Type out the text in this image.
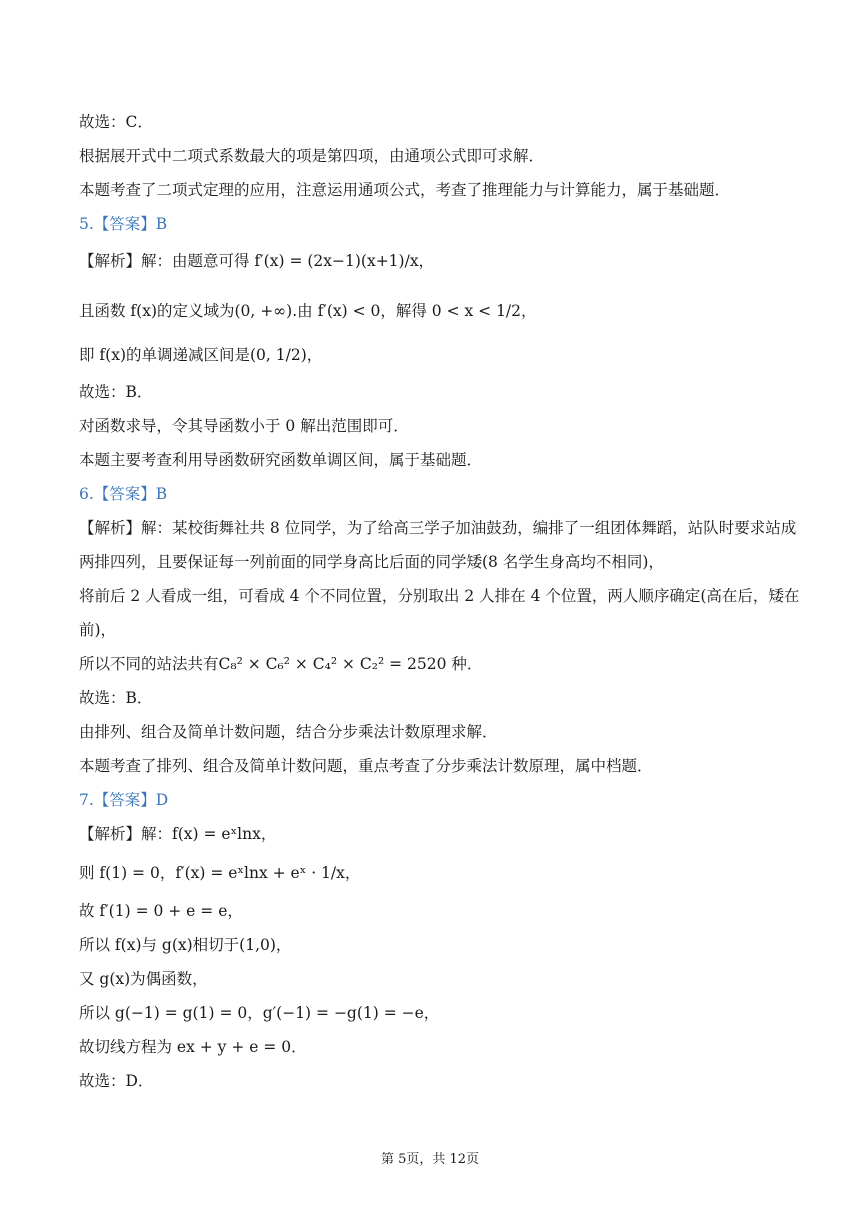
故选：C．
根据展开式中二项式系数最大的项是第四项，由通项公式即可求解．
本题考查了二项式定理的应用，注意运用通项公式，考查了推理能力与计算能力，属于基础题．
5.【答案】B
【解析】解：由题意可得 f′(x) = (2x−1)(x+1)/x，
且函数 f(x)的定义域为(0, +∞).由 f′(x) < 0，解得 0 < x < 1/2，
即 f(x)的单调递减区间是(0, 1/2)，
故选：B．
对函数求导，令其导函数小于 0 解出范围即可．
本题主要考查利用导函数研究函数单调区间，属于基础题．
6.【答案】B
【解析】解：某校街舞社共 8 位同学，为了给高三学子加油鼓劲，编排了一组团体舞蹈，站队时要求站成
两排四列，且要保证每一列前面的同学身高比后面的同学矮(8 名学生身高均不相同)，
将前后 2 人看成一组，可看成 4 个不同位置，分别取出 2 人排在 4 个位置，两人顺序确定(高在后，矮在
前)，
所以不同的站法共有C₈² × C₆² × C₄² × C₂² = 2520 种．
故选：B．
由排列、组合及简单计数问题，结合分步乘法计数原理求解．
本题考查了排列、组合及简单计数问题，重点考查了分步乘法计数原理，属中档题．
7.【答案】D
【解析】解：f(x) = eˣlnx，
则 f(1) = 0，f′(x) = eˣlnx + eˣ · 1/x，
故 f′(1) = 0 + e = e，
所以 f(x)与 g(x)相切于(1,0)，
又 g(x)为偶函数，
所以 g(−1) = g(1) = 0，g′(−1) = −g(1) = −e，
故切线方程为 ex + y + e = 0．
故选：D．
第 5页，共 12页
